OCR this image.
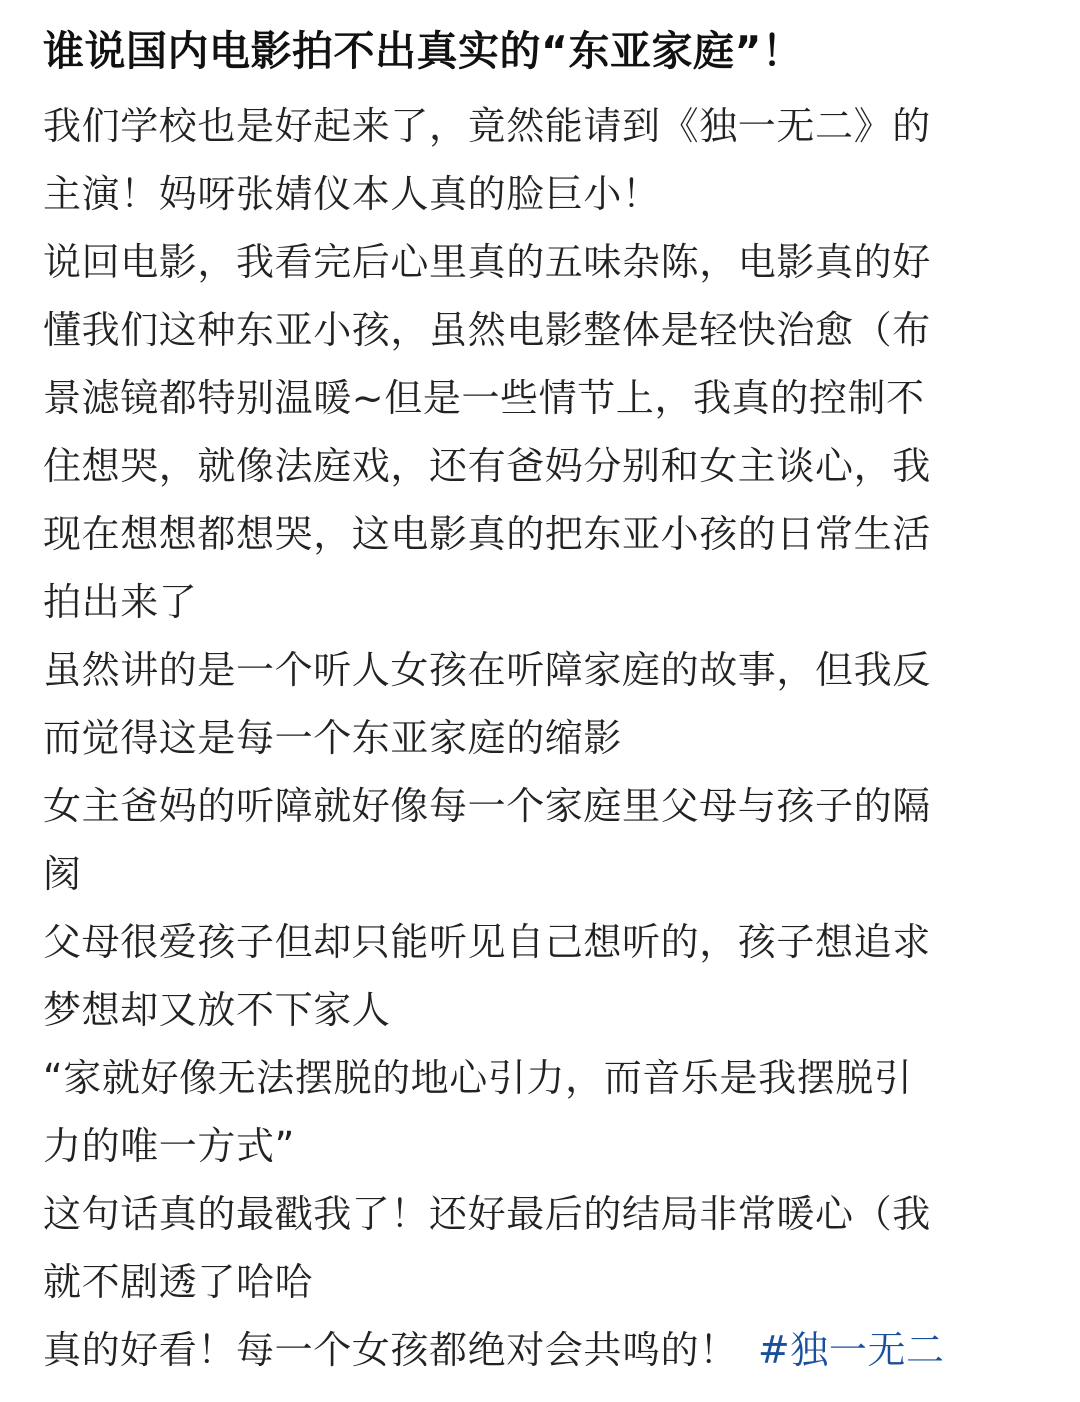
谁说国内电影拍不出真实的“东亚家庭”！
我们学校也是好起来了，竟然能请到《独一无二》的
主演！妈呀张婧仪本人真的脸巨小！
说回电影，我看完后心里真的五味杂陈，电影真的好
懂我们这种东亚小孩，虽然电影整体是轻快治愈（布
景滤镜都特别温暖~但是一些情节上，我真的控制不
住想哭，就像法庭戏，还有爸妈分别和女主谈心，我
现在想想都想哭，这电影真的把东亚小孩的日常生活
拍出来了
虽然讲的是一个听人女孩在听障家庭的故事，但我反
而觉得这是每一个东亚家庭的缩影
女主爸妈的听障就好像每一个家庭里父母与孩子的隔
阂
父母很爱孩子但却只能听见自己想听的，孩子想追求
梦想却又放不下家人
“家就好像无法摆脱的地心引力，而音乐是我摆脱引
力的唯一方式”
这句话真的最戳我了！还好最后的结局非常暖心（我
就不剧透了哈哈
真的好看！每一个女孩都绝对会共鸣的！ #独一无二
